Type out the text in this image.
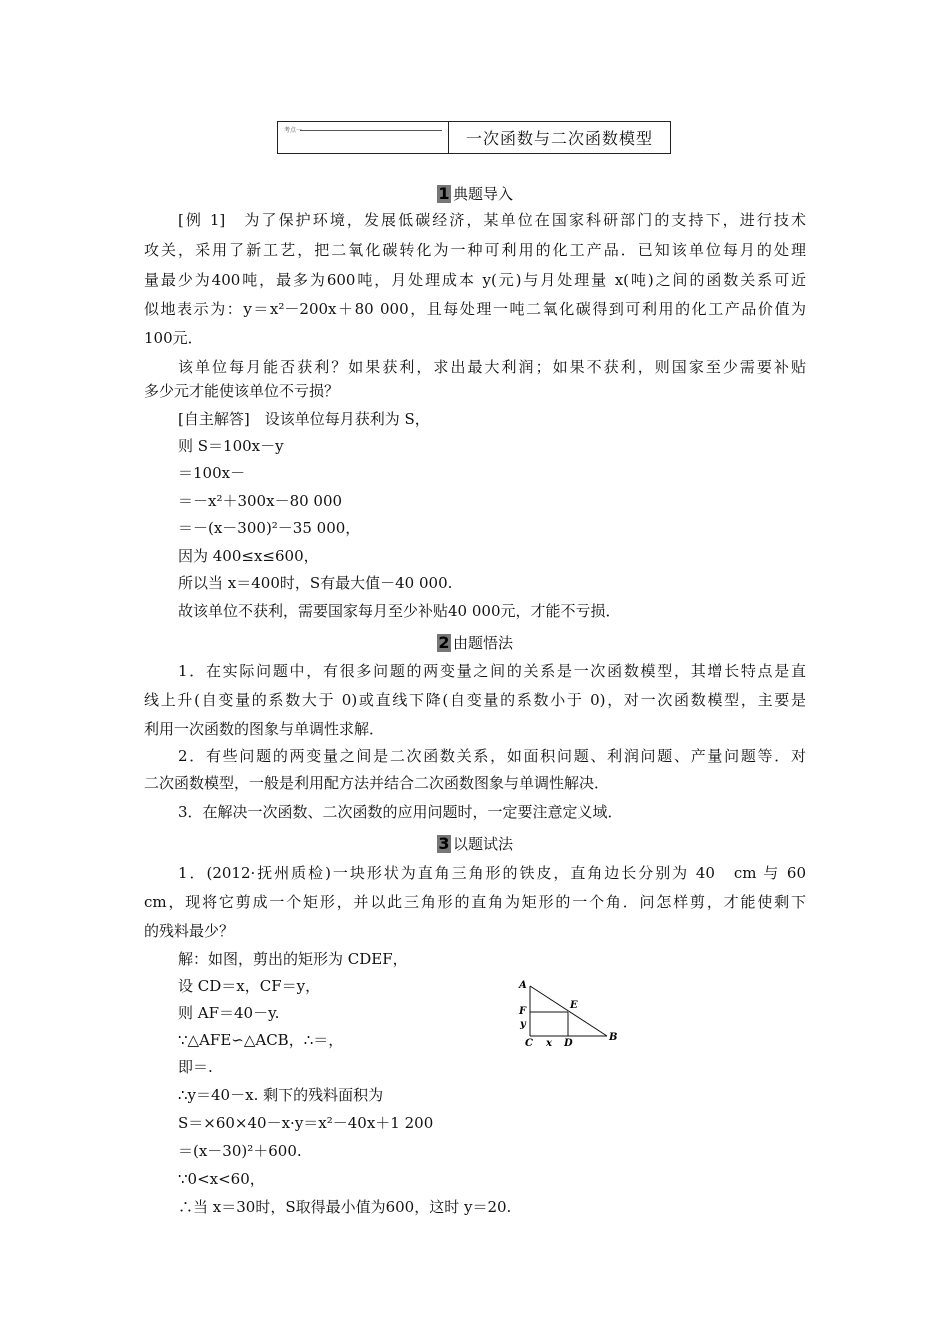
考点一	一次函数与二次函数模型
1 典题导入
[例 1]　为了保护环境，发展低碳经济，某单位在国家科研部门的支持下，进行技术
攻关，采用了新工艺，把二氧化碳转化为一种可利用的化工产品．已知该单位每月的处理
量最少为400吨，最多为600吨，月处理成本 y(元)与月处理量 x(吨)之间的函数关系可近
似地表示为：y＝x²－200x＋80 000，且每处理一吨二氧化碳得到可利用的化工产品价值为
100元．
该单位每月能否获利？如果获利，求出最大利润；如果不获利，则国家至少需要补贴
多少元才能使该单位不亏损？
[自主解答]　设该单位每月获利为 S，
则 S＝100x－y
＝100x－
＝－x²＋300x－80 000
＝－(x－300)²－35 000，
因为 400≤x≤600，
所以当 x＝400时，S有最大值－40 000.
故该单位不获利，需要国家每月至少补贴40 000元，才能不亏损．
2 由题悟法
1．在实际问题中，有很多问题的两变量之间的关系是一次函数模型，其增长特点是直
线上升(自变量的系数大于 0)或直线下降(自变量的系数小于 0)，对一次函数模型，主要是
利用一次函数的图象与单调性求解．
2．有些问题的两变量之间是二次函数关系，如面积问题、利润问题、产量问题等．对
二次函数模型，一般是利用配方法并结合二次函数图象与单调性解决．
3．在解决一次函数、二次函数的应用问题时，一定要注意定义域．
3 以题试法
1．(2012·抚州质检)一块形状为直角三角形的铁皮，直角边长分别为 40　cm 与 60
cm，现将它剪成一个矩形，并以此三角形的直角为矩形的一个角．问怎样剪，才能使剩下
的残料最少？
解：如图，剪出的矩形为 CDEF，
设 CD＝x，CF＝y，
则 AF＝40－y.
∵△AFE∽△ACB，∴＝，
即＝.
∴y＝40－x. 剩下的残料面积为
S＝×60×40－x·y＝x²－40x＋1 200
＝(x－30)²＋600.
∵0<x<60，
∴当 x＝30时，S取得最小值为600，这时 y＝20.
A
E
F
y
B
C x D
